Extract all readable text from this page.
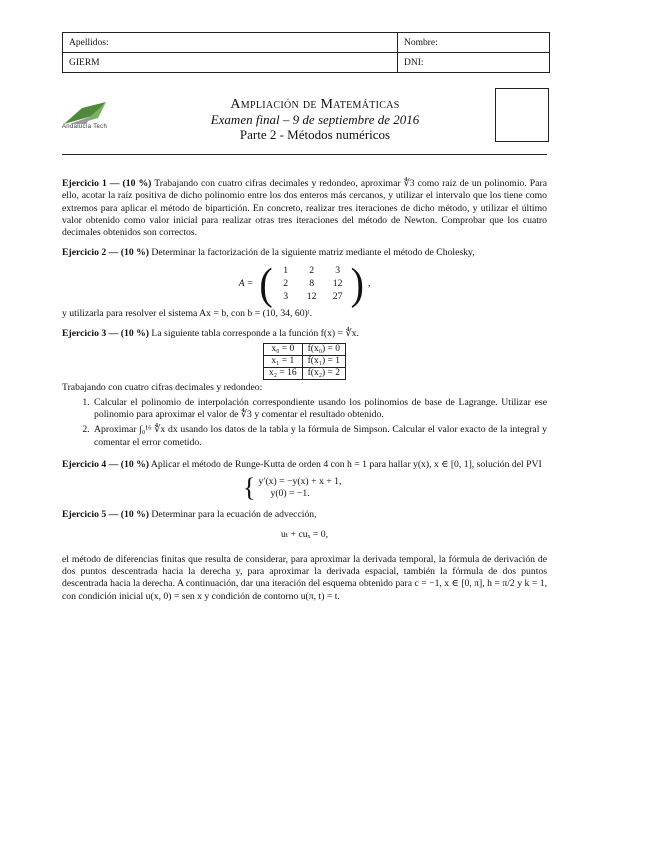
Apellidos:	Nombre:
GIERM	DNI:
Andalucía Tech
Ampliación de Matemáticas
Examen final – 9 de septiembre de 2016
Parte 2 - Métodos numéricos

Ejercicio 1 — (10 %) Trabajando con cuatro cifras decimales y redondeo, aproximar ∜3 como raíz de un polinomio. Para ello, acotar la raíz positiva de dicho polinomio entre los dos enteros más cercanos, y utilizar el intervalo que los tiene como extremos para aplicar el método de bipartición. En concreto, realizar tres iteraciones de dicho método, y utilizar el último valor obtenido como valor inicial para realizar otras tres iteraciones del método de Newton. Comprobar que los cuatro decimales obtenidos son correctos.

Ejercicio 2 — (10 %) Determinar la factorización de la siguiente matriz mediante el método de Cholesky,

A = (	1	2	3
2	8	12
3	12	27 ) ,

y utilizarla para resolver el sistema Ax = b, con b = (10, 34, 60)ᵗ.

Ejercicio 3 — (10 %) La siguiente tabla corresponde a la función f(x) = ∜x.

x₀ = 0	f(x₀) = 0
x₁ = 1	f(x₁) = 1
x₂ = 16	f(x₂) = 2

Trabajando con cuatro cifras decimales y redondeo:

1. Calcular el polinomio de interpolación correspondiente usando los polinomios de base de Lagrange. Utilizar ese polinomio para aproximar el valor de ∜3 y comentar el resultado obtenido.
2. Aproximar ∫₀¹⁶ ∜x dx usando los datos de la tabla y la fórmula de Simpson. Calcular el valor exacto de la integral y comentar el error cometido.

Ejercicio 4 — (10 %) Aplicar el método de Runge-Kutta de orden 4 con h = 1 para hallar y(x), x ∈ [0, 1], solución del PVI

{ y′(x) = −y(x) + x + 1,
y(0) = −1.

Ejercicio 5 — (10 %) Determinar para la ecuación de advección,

uₜ + cuₓ = 0,

el método de diferencias finitas que resulta de considerar, para aproximar la derivada temporal, la fórmula de derivación de dos puntos descentrada hacia la derecha y, para aproximar la derivada espacial, también la fórmula de dos puntos descentrada hacia la derecha. A continuación, dar una iteración del esquema obtenido para c = −1, x ∈ [0, π], h = π/2 y k = 1, con condición inicial u(x, 0) = sen x y condición de contorno u(π, t) = t.
